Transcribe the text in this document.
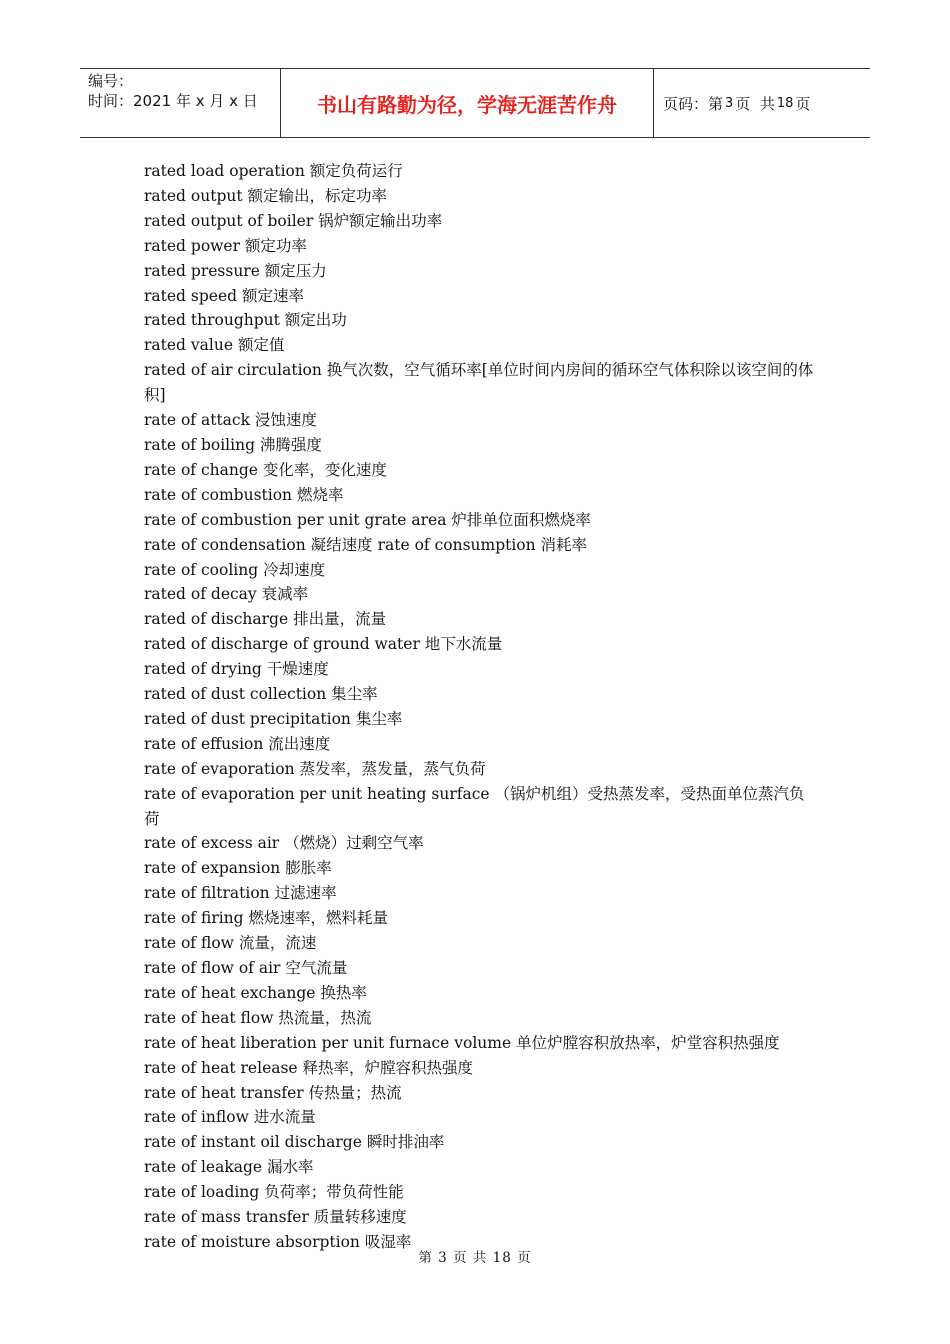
编号：
时间：2021 年 x 月 x 日	书山有路勤为径，学海无涯苦作舟	页码：第 3 页  共 18 页
rated load operation 额定负荷运行
rated output 额定输出，标定功率
rated output of boiler 锅炉额定输出功率
rated power 额定功率
rated pressure 额定压力
rated speed 额定速率
rated throughput 额定出功
rated value 额定值
rated of air circulation 换气次数，空气循环率[单位时间内房间的循环空气体积除以该空间的体积]
rate of attack 浸蚀速度
rate of boiling 沸腾强度
rate of change 变化率，变化速度
rate of combustion 燃烧率
rate of combustion per unit grate area 炉排单位面积燃烧率
rate of condensation 凝结速度 rate of consumption 消耗率
rate of cooling 冷却速度
rated of decay 衰减率
rated of discharge 排出量，流量
rated of discharge of ground water 地下水流量
rated of drying 干燥速度
rated of dust collection 集尘率
rated of dust precipitation 集尘率
rate of effusion 流出速度
rate of evaporation 蒸发率，蒸发量，蒸气负荷
rate of evaporation per unit heating surface （锅炉机组）受热蒸发率，受热面单位蒸汽负荷
rate of excess air （燃烧）过剩空气率
rate of expansion 膨胀率
rate of filtration 过滤速率
rate of firing 燃烧速率，燃料耗量
rate of flow 流量，流速
rate of flow of air 空气流量
rate of heat exchange 换热率
rate of heat flow 热流量，热流
rate of heat liberation per unit furnace volume 单位炉膛容积放热率，炉堂容积热强度 rate of heat release 释热率，炉膛容积热强度
rate of heat transfer 传热量；热流
rate of inflow 进水流量
rate of instant oil discharge 瞬时排油率
rate of leakage 漏水率
rate of loading 负荷率；带负荷性能
rate of mass transfer 质量转移速度
rate of moisture absorption 吸湿率
第 3 页 共 18 页
